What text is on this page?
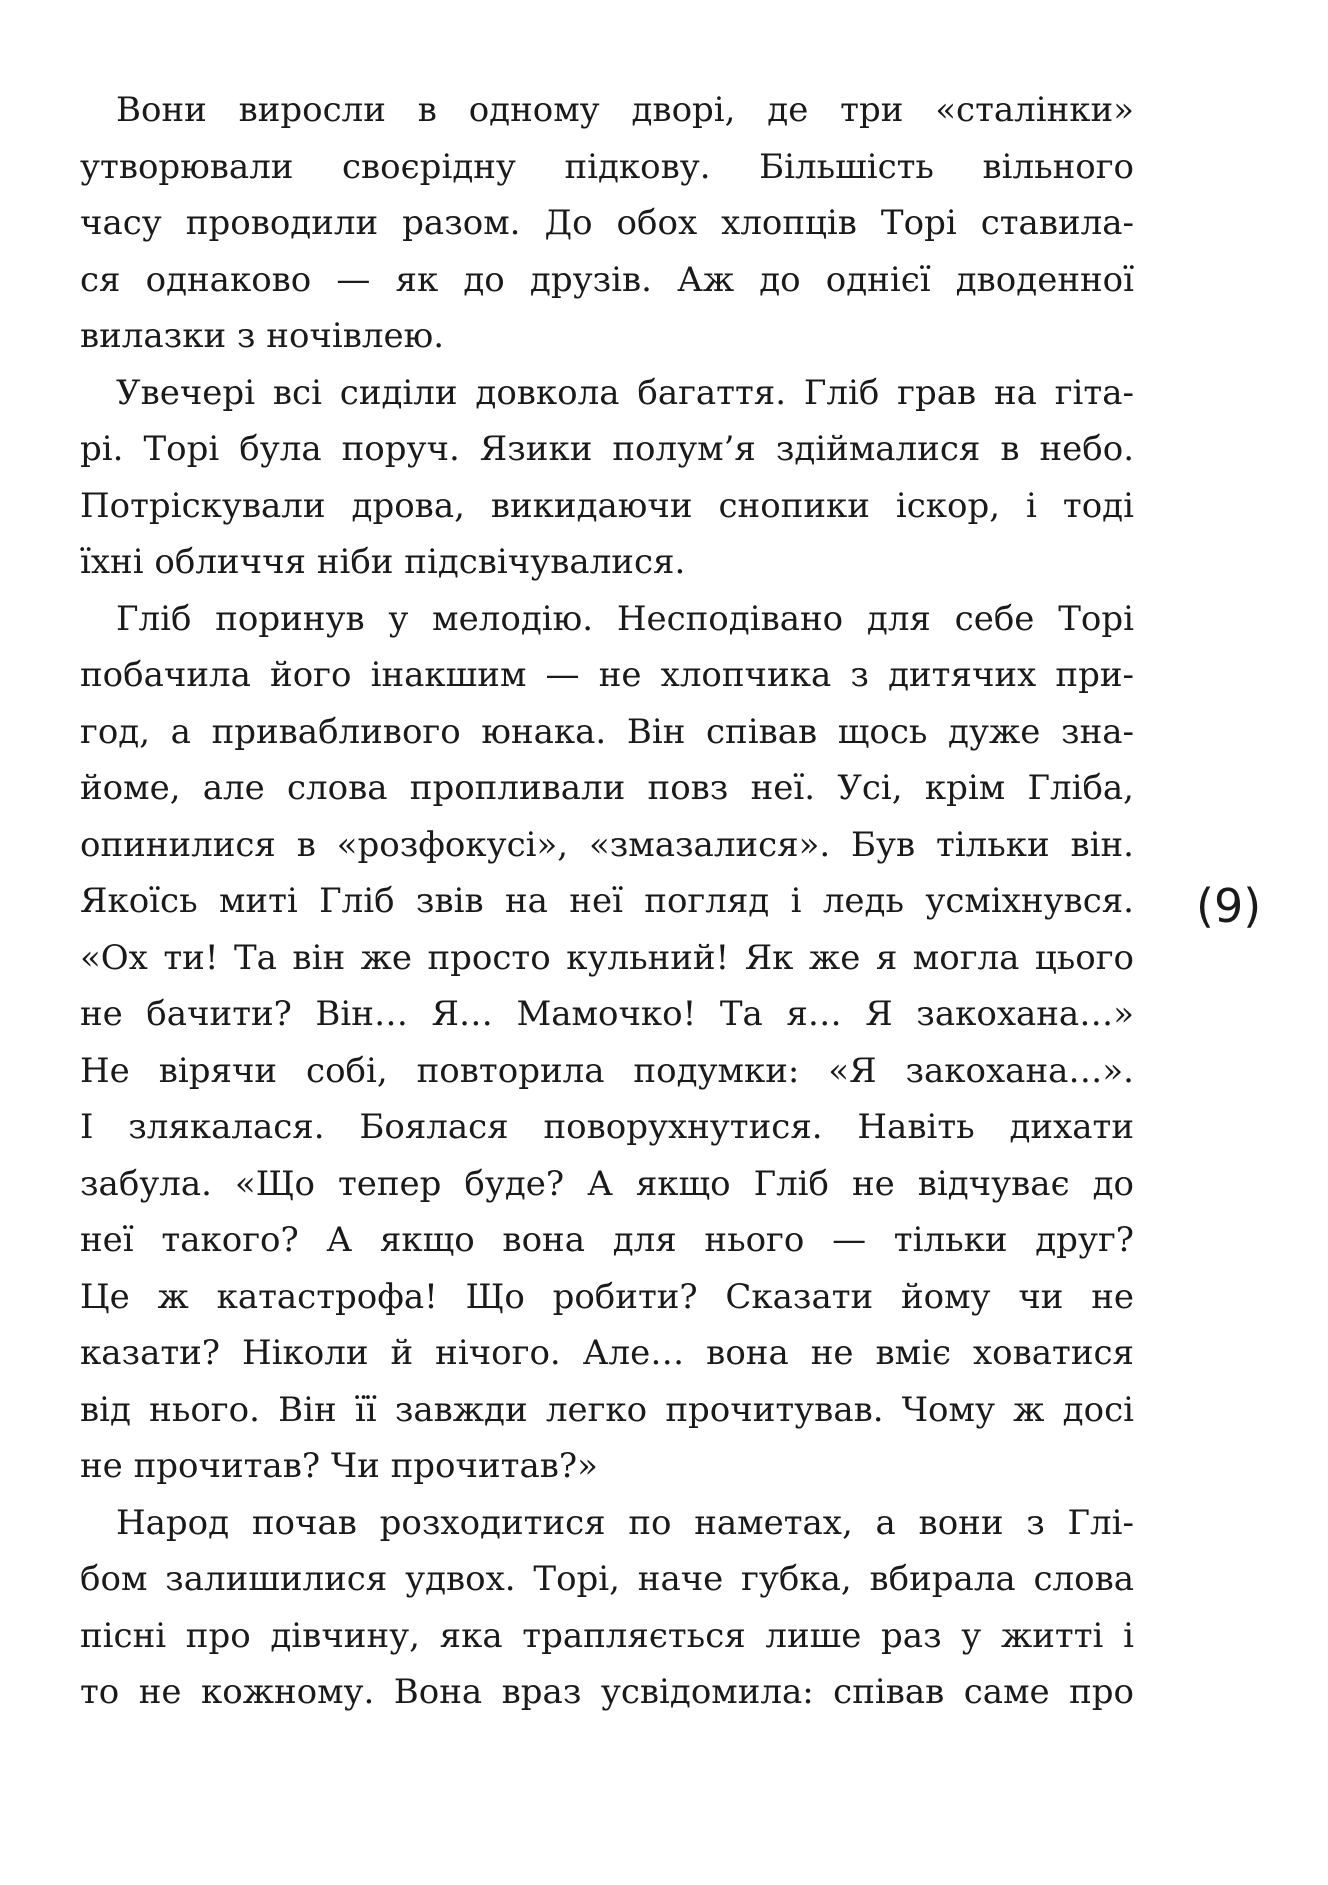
Вони виросли в одному дворі, де три «сталінки»
утворювали своєрідну підкову. Більшість вільного
часу проводили разом. До обох хлопців Торі ставила-
ся однаково — як до друзів. Аж до однієї дводенної
вилазки з ночівлею.
Увечері всі сиділи довкола багаття. Гліб грав на гіта-
рі. Торі була поруч. Язики полум’я здіймалися в небо.
Потріскували дрова, викидаючи снопики іскор, і тоді
їхні обличчя ніби підсвічувалися.
Гліб поринув у мелодію. Несподівано для себе Торі
побачила його інакшим — не хлопчика з дитячих при-
год, а привабливого юнака. Він співав щось дуже зна-
йоме, але слова пропливали повз неї. Усі, крім Гліба,
опинилися в «розфокусі», «змазалися». Був тільки він.
Якоїсь миті Гліб звів на неї погляд і ледь усміхнувся.
«Ох ти! Та він же просто кульний! Як же я могла цього
не бачити? Він… Я… Мамочко! Та я… Я закохана…»
Не вірячи собі, повторила подумки: «Я закохана…».
І злякалася. Боялася поворухнутися. Навіть дихати
забула. «Що тепер буде? А якщо Гліб не відчуває до
неї такого? А якщо вона для нього — тільки друг?
Це ж катастрофа! Що робити? Сказати йому чи не
казати? Ніколи й нічого. Але… вона не вміє ховатися
від нього. Він її завжди легко прочитував. Чому ж досі
не прочитав? Чи прочитав?»
Народ почав розходитися по наметах, а вони з Глі-
бом залишилися удвох. Торі, наче губка, вбирала слова
пісні про дівчину, яка трапляється лише раз у житті і
то не кожному. Вона враз усвідомила: співав саме про
(9)
